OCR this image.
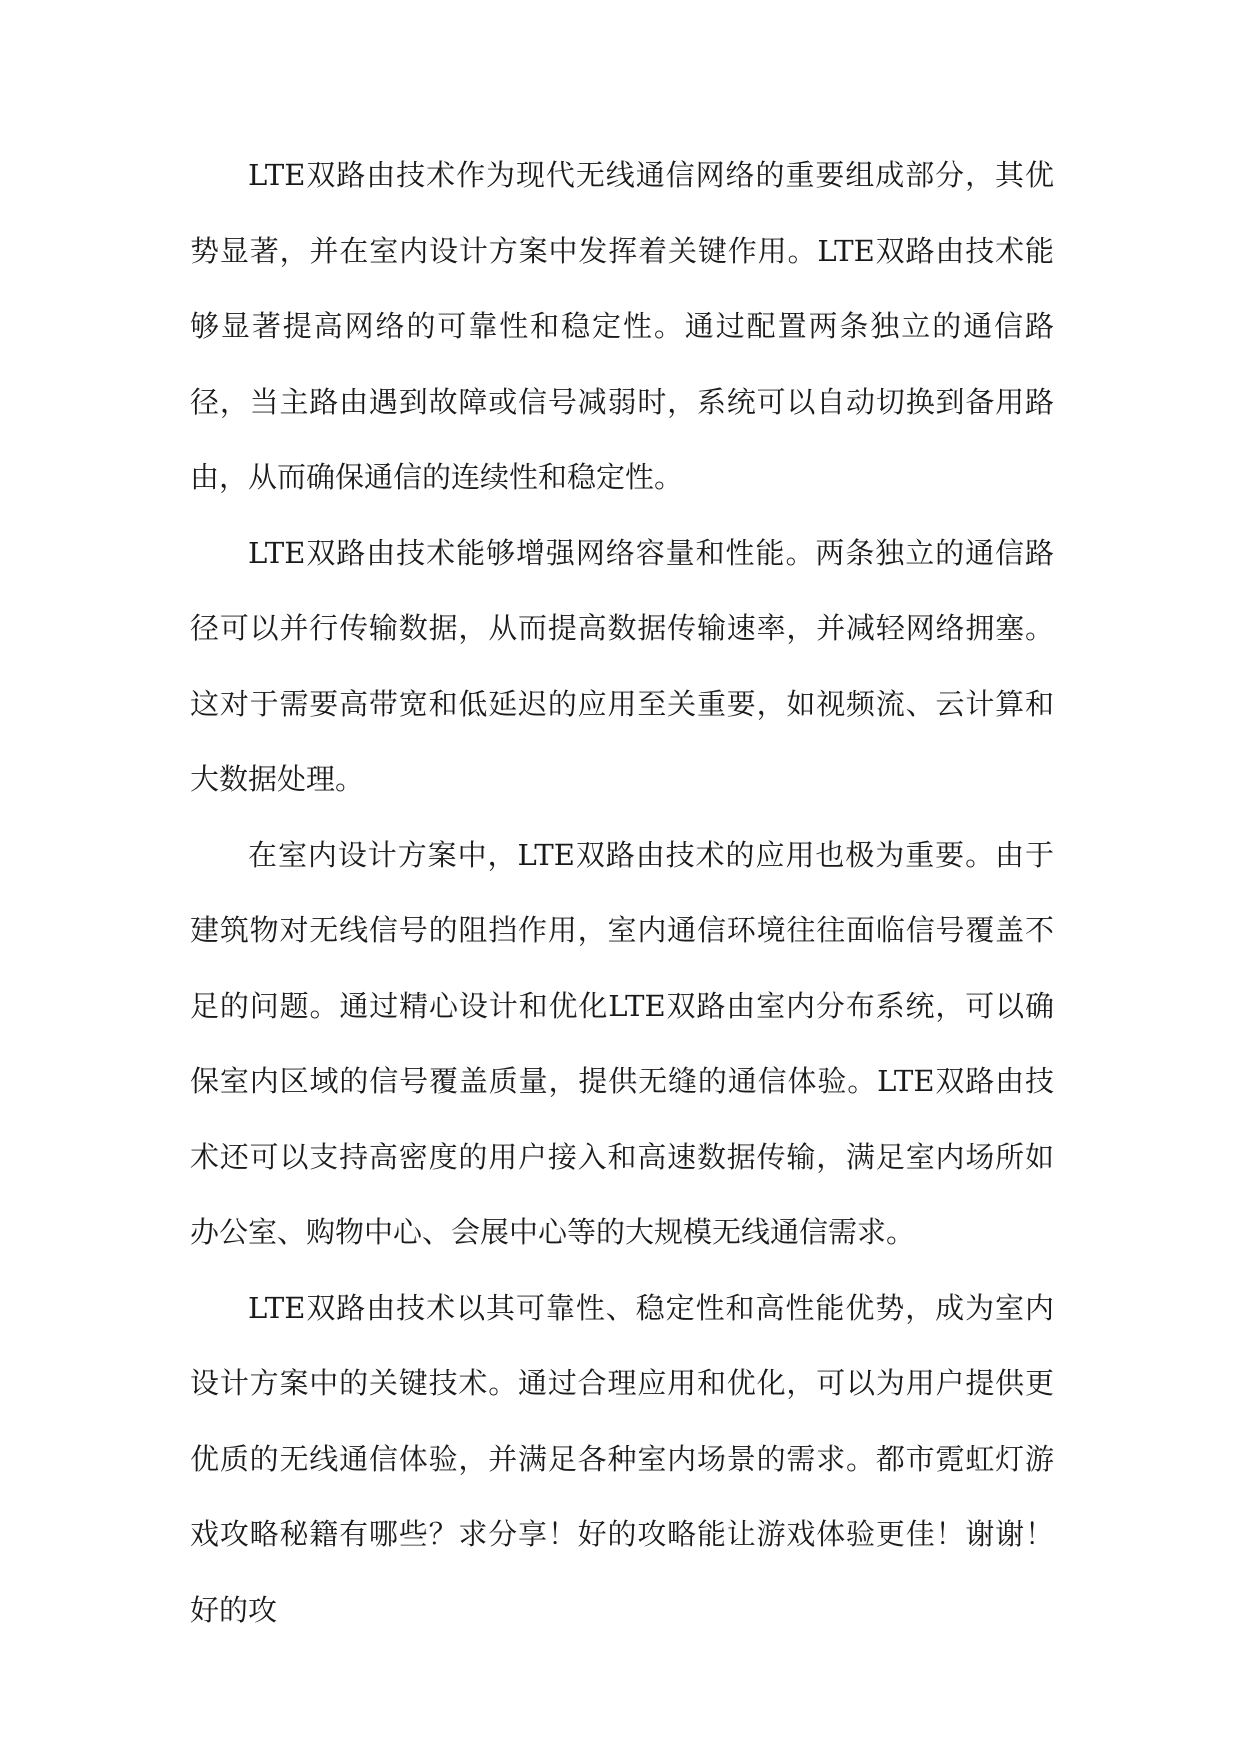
LTE双路由技术作为现代无线通信网络的重要组成部分，其优势显著，并在室内设计方案中发挥着关键作用。LTE双路由技术能够显著提高网络的可靠性和稳定性。通过配置两条独立的通信路径，当主路由遇到故障或信号减弱时，系统可以自动切换到备用路由，从而确保通信的连续性和稳定性。

LTE双路由技术能够增强网络容量和性能。两条独立的通信路径可以并行传输数据，从而提高数据传输速率，并减轻网络拥塞。这对于需要高带宽和低延迟的应用至关重要，如视频流、云计算和大数据处理。

在室内设计方案中，LTE双路由技术的应用也极为重要。由于建筑物对无线信号的阻挡作用，室内通信环境往往面临信号覆盖不足的问题。通过精心设计和优化LTE双路由室内分布系统，可以确保室内区域的信号覆盖质量，提供无缝的通信体验。LTE双路由技术还可以支持高密度的用户接入和高速数据传输，满足室内场所如办公室、购物中心、会展中心等的大规模无线通信需求。

LTE双路由技术以其可靠性、稳定性和高性能优势，成为室内设计方案中的关键技术。通过合理应用和优化，可以为用户提供更优质的无线通信体验，并满足各种室内场景的需求。都市霓虹灯游戏攻略秘籍有哪些？求分享！好的攻略能让游戏体验更佳！谢谢！好的攻
